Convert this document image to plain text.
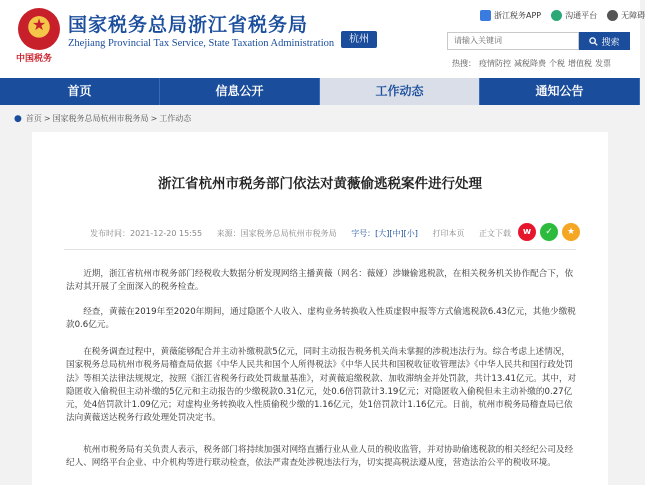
★
中国税务
国家税务总局浙江省税务局
Zhejiang Provincial Tax Service, State Taxation Administration	杭州
浙江税务APP	沟通平台	无障碍
请输入关键词	搜索
热搜： 疫情防控 减税降费 个税 增值税 发票
首页	信息公开	工作动态	通知公告
● 首页 > 国家税务总局杭州市税务局 > 工作动态
浙江省杭州市税务部门依法对黄薇偷逃税案件进行处理
发布时间：2021-12-20 15:55 来源：国家税务总局杭州市税务局 字号：[大][中][小] 打印本页 正文下载	w	✓	★

近期，浙江省杭州市税务部门经税收大数据分析发现网络主播黄薇（网名：薇娅）涉嫌偷逃税款，在相关税务机关协作配合下，依法对其开展了全面深入的税务检查。

经查，黄薇在2019年至2020年期间，通过隐匿个人收入、虚构业务转换收入性质虚假申报等方式偷逃税款6.43亿元，其他少缴税款0.6亿元。

在税务调查过程中，黄薇能够配合并主动补缴税款5亿元，同时主动报告税务机关尚未掌握的涉税违法行为。综合考虑上述情况，国家税务总局杭州市税务局稽查局依据《中华人民共和国个人所得税法》《中华人民共和国税收征收管理法》《中华人民共和国行政处罚法》等相关法律法规规定，按照《浙江省税务行政处罚裁量基准》，对黄薇追缴税款、加收滞纳金并处罚款，共计13.41亿元。其中，对隐匿收入偷税但主动补缴的5亿元和主动报告的少缴税款0.31亿元，处0.6倍罚款计3.19亿元；对隐匿收入偷税但未主动补缴的0.27亿元，处4倍罚款计1.09亿元；对虚构业务转换收入性质偷税少缴的1.16亿元，处1倍罚款计1.16亿元。日前，杭州市税务局稽查局已依法向黄薇送达税务行政处理处罚决定书。

杭州市税务局有关负责人表示，税务部门将持续加强对网络直播行业从业人员的税收监管，并对协助偷逃税款的相关经纪公司及经纪人、网络平台企业、中介机构等进行联动检查，依法严肃查处涉税违法行为，切实提高税法遵从度，营造法治公平的税收环境。
